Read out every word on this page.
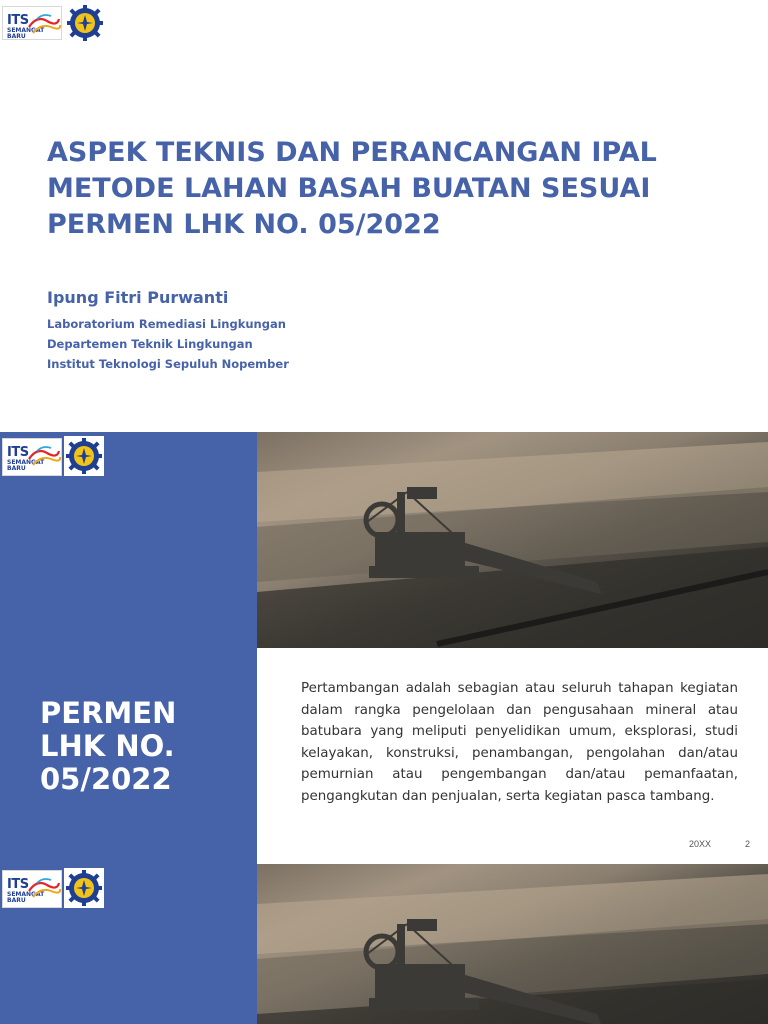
ITS
SEMANGAT
BARU
ASPEK TEKNIS DAN PERANCANGAN IPAL METODE LAHAN BASAH BUATAN SESUAI PERMEN LHK NO. 05/2022
Ipung Fitri Purwanti
Laboratorium Remediasi Lingkungan
Departemen Teknik Lingkungan
Institut Teknologi Sepuluh Nopember
ITS
SEMANGAT
BARU
PERMEN
LHK NO.
05/2022

Pertambangan adalah sebagian atau seluruh tahapan kegiatan dalam rangka pengelolaan dan pengusahaan mineral atau batubara yang meliputi penyelidikan umum, eksplorasi, studi kelayakan, konstruksi, penambangan, pengolahan dan/atau pemurnian atau pengembangan dan/atau pemanfaatan, pengangkutan dan penjualan, serta kegiatan pasca tambang.

20XX	2
ITS
SEMANGAT
BARU
